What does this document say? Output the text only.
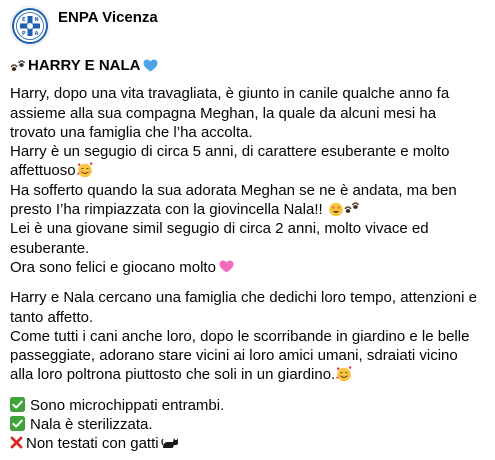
E N
P A
ENPA Vicenza

HARRY E NALA

Harry, dopo una vita travagliata, è giunto in canile qualche anno fa
assieme alla sua compagna Meghan, la quale da alcuni mesi ha
trovato una famiglia che l’ha accolta.
Harry è un segugio di circa 5 anni, di carattere esuberante e molto
affettuoso
Ha sofferto quando la sua adorata Meghan se ne è andata, ma ben
presto I’ha rimpiazzata con la giovincella Nala!!
Lei è una giovane simil segugio di circa 2 anni, molto vivace ed
esuberante.
Ora sono felici e giocano molto

Harry e Nala cercano una famiglia che dedichi loro tempo, attenzioni e
tanto affetto.
Come tutti i cani anche loro, dopo le scorribande in giardino e le belle
passeggiate, adorano stare vicini ai loro amici umani, sdraiati vicino
alla loro poltrona piuttosto che soli in un giardino.

Sono microchippati entrambi.
Nala è sterilizzata.
Non testati con gatti
